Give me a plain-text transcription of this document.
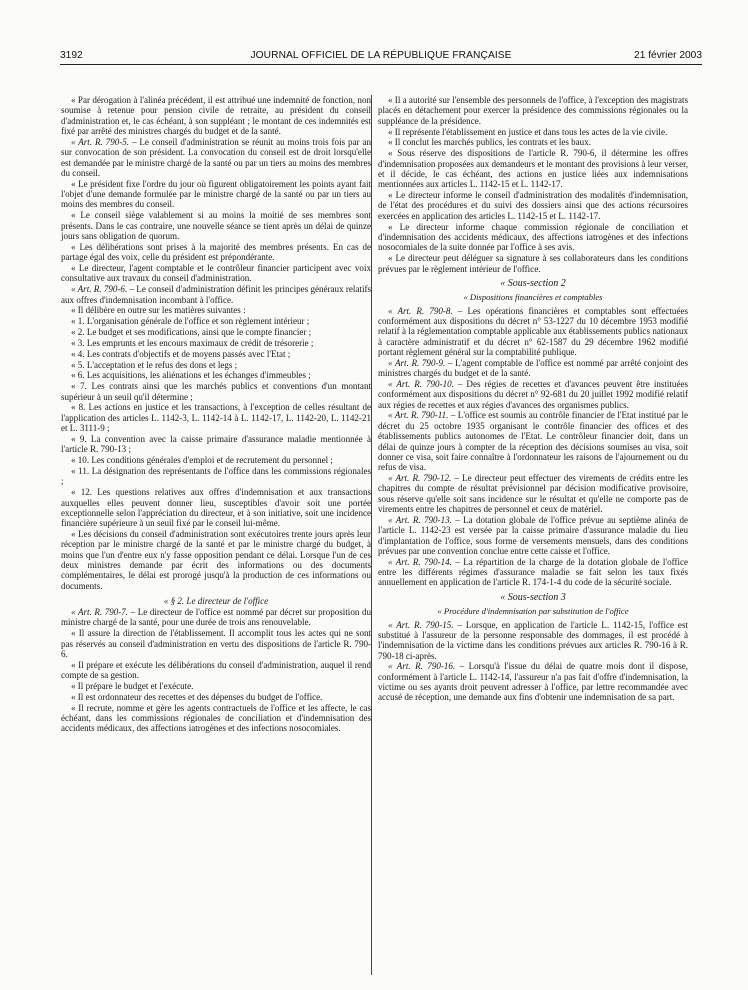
3192	JOURNAL OFFICIEL DE LA RÉPUBLIQUE FRANÇAISE	21 février 2003

« Par dérogation à l'alinéa précédent, il est attribué une indemnité de fonction, non soumise à retenue pour pension civile de retraite, au président du conseil d'administration et, le cas échéant, à son suppléant ; le montant de ces indemnités est fixé par arrêté des ministres chargés du budget et de la santé.

« Art. R. 790-5. – Le conseil d'administration se réunit au moins trois fois par an sur convocation de son président. La convocation du conseil est de droit lorsqu'elle est demandée par le ministre chargé de la santé ou par un tiers au moins des membres du conseil.

« Le président fixe l'ordre du jour où figurent obligatoirement les points ayant fait l'objet d'une demande formulée par le ministre chargé de la santé ou par un tiers au moins des membres du conseil.

« Le conseil siège valablement si au moins la moitié de ses membres sont présents. Dans le cas contraire, une nouvelle séance se tient après un délai de quinze jours sans obligation de quorum.

« Les délibérations sont prises à la majorité des membres présents. En cas de partage égal des voix, celle du président est prépondérante.

« Le directeur, l'agent comptable et le contrôleur financier participent avec voix consultative aux travaux du conseil d'administration.

« Art. R. 790-6. – Le conseil d'administration définit les principes généraux relatifs aux offres d'indemnisation incombant à l'office.

« Il délibère en outre sur les matières suivantes :

« 1. L'organisation générale de l'office et son règlement intérieur ;

« 2. Le budget et ses modifications, ainsi que le compte financier ;

« 3. Les emprunts et les encours maximaux de crédit de trésorerie ;

« 4. Les contrats d'objectifs et de moyens passés avec l'Etat ;

« 5. L'acceptation et le refus des dons et legs ;

« 6. Les acquisitions, les aliénations et les échanges d'immeubles ;

« 7. Les contrats ainsi que les marchés publics et conventions d'un montant supérieur à un seuil qu'il détermine ;

« 8. Les actions en justice et les transactions, à l'exception de celles résultant de l'application des articles L. 1142-3, L. 1142-14 à L. 1142-17, L. 1142-20, L. 1142-21 et L. 3111-9 ;

« 9. La convention avec la caisse primaire d'assurance maladie mentionnée à l'article R. 790-13 ;

« 10. Les conditions générales d'emploi et de recrutement du personnel ;

« 11. La désignation des représentants de l'office dans les commissions régionales ;

« 12. Les questions relatives aux offres d'indemnisation et aux transactions auxquelles elles peuvent donner lieu, susceptibles d'avoir soit une portée exceptionnelle selon l'appréciation du directeur, et à son initiative, soit une incidence financière supérieure à un seuil fixé par le conseil lui-même.

« Les décisions du conseil d'administration sont exécutoires trente jours après leur réception par le ministre chargé de la santé et par le ministre chargé du budget, à moins que l'un d'entre eux n'y fasse opposition pendant ce délai. Lorsque l'un de ces deux ministres demande par écrit des informations ou des documents complémentaires, le délai est prorogé jusqu'à la production de ces informations ou documents.

« § 2. Le directeur de l'office

« Art. R. 790-7. – Le directeur de l'office est nommé par décret sur proposition du ministre chargé de la santé, pour une durée de trois ans renouvelable.

« Il assure la direction de l'établissement. Il accomplit tous les actes qui ne sont pas réservés au conseil d'administration en vertu des dispositions de l'article R. 790-6.

« Il prépare et exécute les délibérations du conseil d'administration, auquel il rend compte de sa gestion.

« Il prépare le budget et l'exécute.

« Il est ordonnateur des recettes et des dépenses du budget de l'office.

« Il recrute, nomme et gère les agents contractuels de l'office et les affecte, le cas échéant, dans les commissions régionales de conciliation et d'indemnisation des accidents médicaux, des affections iatrogènes et des infections nosocomiales.

« Il a autorité sur l'ensemble des personnels de l'office, à l'exception des magistrats placés en détachement pour exercer la présidence des commissions régionales ou la suppléance de la présidence.

« Il représente l'établissement en justice et dans tous les actes de la vie civile.

« Il conclut les marchés publics, les contrats et les baux.

« Sous réserve des dispositions de l'article R. 790-6, il détermine les offres d'indemnisation proposées aux demandeurs et le montant des provisions à leur verser, et il décide, le cas échéant, des actions en justice liées aux indemnisations mentionnées aux articles L. 1142-15 et L. 1142-17.

« Le directeur informe le conseil d'administration des modalités d'indemnisation, de l'état des procédures et du suivi des dossiers ainsi que des actions récursoires exercées en application des articles L. 1142-15 et L. 1142-17.

« Le directeur informe chaque commission régionale de conciliation et d'indemnisation des accidents médicaux, des affections iatrogènes et des infections nosocomiales de la suite donnée par l'office à ses avis.

« Le directeur peut déléguer sa signature à ses collaborateurs dans les conditions prévues par le règlement intérieur de l'office.

« Sous-section 2

« Dispositions financières et comptables

« Art. R. 790-8. – Les opérations financières et comptables sont effectuées conformément aux dispositions du décret n° 53-1227 du 10 décembre 1953 modifié relatif à la réglementation comptable applicable aux établissements publics nationaux à caractère administratif et du décret n° 62-1587 du 29 décembre 1962 modifié portant règlement général sur la comptabilité publique.

« Art. R. 790-9. – L'agent comptable de l'office est nommé par arrêté conjoint des ministres chargés du budget et de la santé.

« Art. R. 790-10. – Des régies de recettes et d'avances peuvent être instituées conformément aux dispositions du décret n° 92-681 du 20 juillet 1992 modifié relatif aux régies de recettes et aux régies d'avances des organismes publics.

« Art. R. 790-11. – L'office est soumis au contrôle financier de l'Etat institué par le décret du 25 octobre 1935 organisant le contrôle financier des offices et des établissements publics autonomes de l'Etat. Le contrôleur financier doit, dans un délai de quinze jours à compter de la réception des décisions soumises au visa, soit donner ce visa, soit faire connaître à l'ordonnateur les raisons de l'ajournement ou du refus de visa.

« Art. R. 790-12. – Le directeur peut effectuer des virements de crédits entre les chapitres du compte de résultat prévisionnel par décision modificative provisoire, sous réserve qu'elle soit sans incidence sur le résultat et qu'elle ne comporte pas de virements entre les chapitres de personnel et ceux de matériel.

« Art. R. 790-13. – La dotation globale de l'office prévue au septième alinéa de l'article L. 1142-23 est versée par la caisse primaire d'assurance maladie du lieu d'implantation de l'office, sous forme de versements mensuels, dans des conditions prévues par une convention conclue entre cette caisse et l'office.

« Art. R. 790-14. – La répartition de la charge de la dotation globale de l'office entre les différents régimes d'assurance maladie se fait selon les taux fixés annuellement en application de l'article R. 174-1-4 du code de la sécurité sociale.

« Sous-section 3

« Procédure d'indemnisation par substitution de l'office

« Art. R. 790-15. – Lorsque, en application de l'article L. 1142-15, l'office est substitué à l'assureur de la personne responsable des dommages, il est procédé à l'indemnisation de la victime dans les conditions prévues aux articles R. 790-16 à R. 790-18 ci-après.

« Art. R. 790-16. – Lorsqu'à l'issue du délai de quatre mois dont il dispose, conformément à l'article L. 1142-14, l'assureur n'a pas fait d'offre d'indemnisation, la victime ou ses ayants droit peuvent adresser à l'office, par lettre recommandée avec accusé de réception, une demande aux fins d'obtenir une indemnisation de sa part.
